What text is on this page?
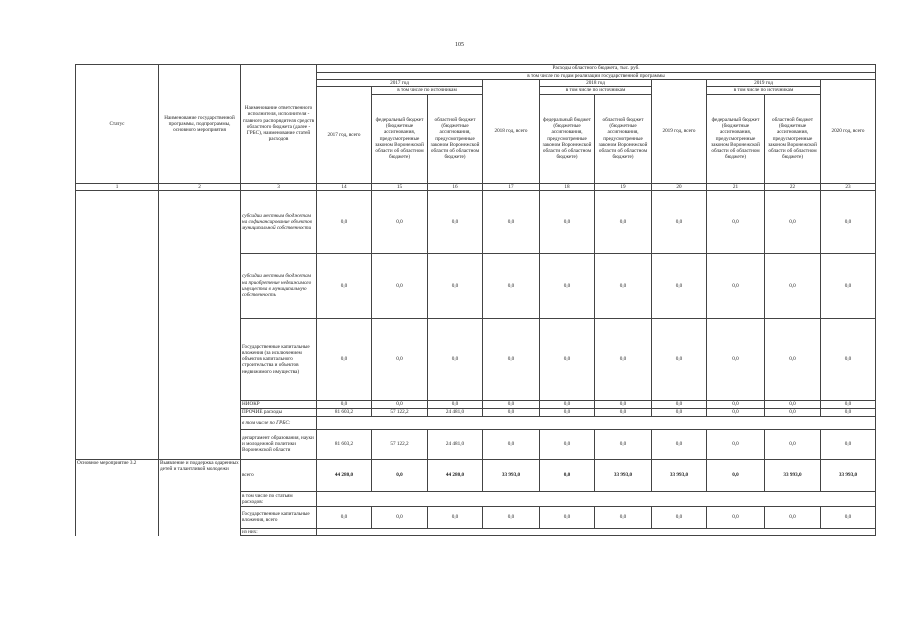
105
Статус	Наименование государственной программы, подпрограммы, основного мероприятия	Наименование ответственного исполнителя, исполнителя - главного распорядителя средств областного бюджета (далее - ГРБС), наименование статей расходов	Расходы областного бюджета, тыс. руб.									
			в том числе по годам реализации государственной программы									
			2017 год			2018 год, всего	2018 год		2019 год, всего	2019 год		2020 год, всего
			2017 год, всего	в том числе по источникам			в том числе по источникам			в том числе по источникам		
				федеральный бюджет (бюджетные ассигнования, предусмотренные законом Воронежской области об областном бюджете)	областной бюджет (бюджетные ассигнования, предусмотренные законом Воронежской области об областном бюджете)		федеральный бюджет (бюджетные ассигнования, предусмотренные законом Воронежской области об областном бюджете)	областной бюджет (бюджетные ассигнования, предусмотренные законом Воронежской области об областном бюджете)		федеральный бюджет (бюджетные ассигнования, предусмотренные законом Воронежской области об областном бюджете)	областной бюджет (бюджетные ассигнования, предусмотренные законом Воронежской области об областном бюджете)	
1	2	3	14	15	16	17	18	19	20	21	22	23
		субсидии местным бюджетам на софинансирование объектов муниципальной собственности	0,0	0,0	0,0	0,0	0,0	0,0	0,0	0,0	0,0	0,0
		субсидии местным бюджетам на приобретение недвижимого имущества в муниципальную собственность	0,0	0,0	0,0	0,0	0,0	0,0	0,0	0,0	0,0	0,0
		Государственные капитальные вложения (за исключением объектов капитального строительства и объектов недвижимого имущества)	0,0	0,0	0,0	0,0	0,0	0,0	0,0	0,0	0,0	0,0
		НИОКР	0,0	0,0	0,0	0,0	0,0	0,0	0,0	0,0	0,0	0,0
		ПРОЧИЕ расходы	81 603,2	57 122,2	24 481,0	0,0	0,0	0,0	0,0	0,0	0,0	0,0
		в том числе по ГРБС:										
		департамент образования, науки и молодежной политики Воронежской области	81 603,2	57 122,2	24 481,0	0,0	0,0	0,0	0,0	0,0	0,0	0,0
Основное мероприятие 3.2	Выявление и поддержка одаренных детей и талантливой молодежи	всего	44 280,0	0,0	44 280,0	33 993,0	0,0	33 993,0	33 993,0	0,0	33 993,0	33 993,0
		в том числе по статьям расходов:										
		Государственные капитальные вложения, всего	0,0	0,0	0,0	0,0	0,0	0,0	0,0	0,0	0,0	0,0
		из них:										
